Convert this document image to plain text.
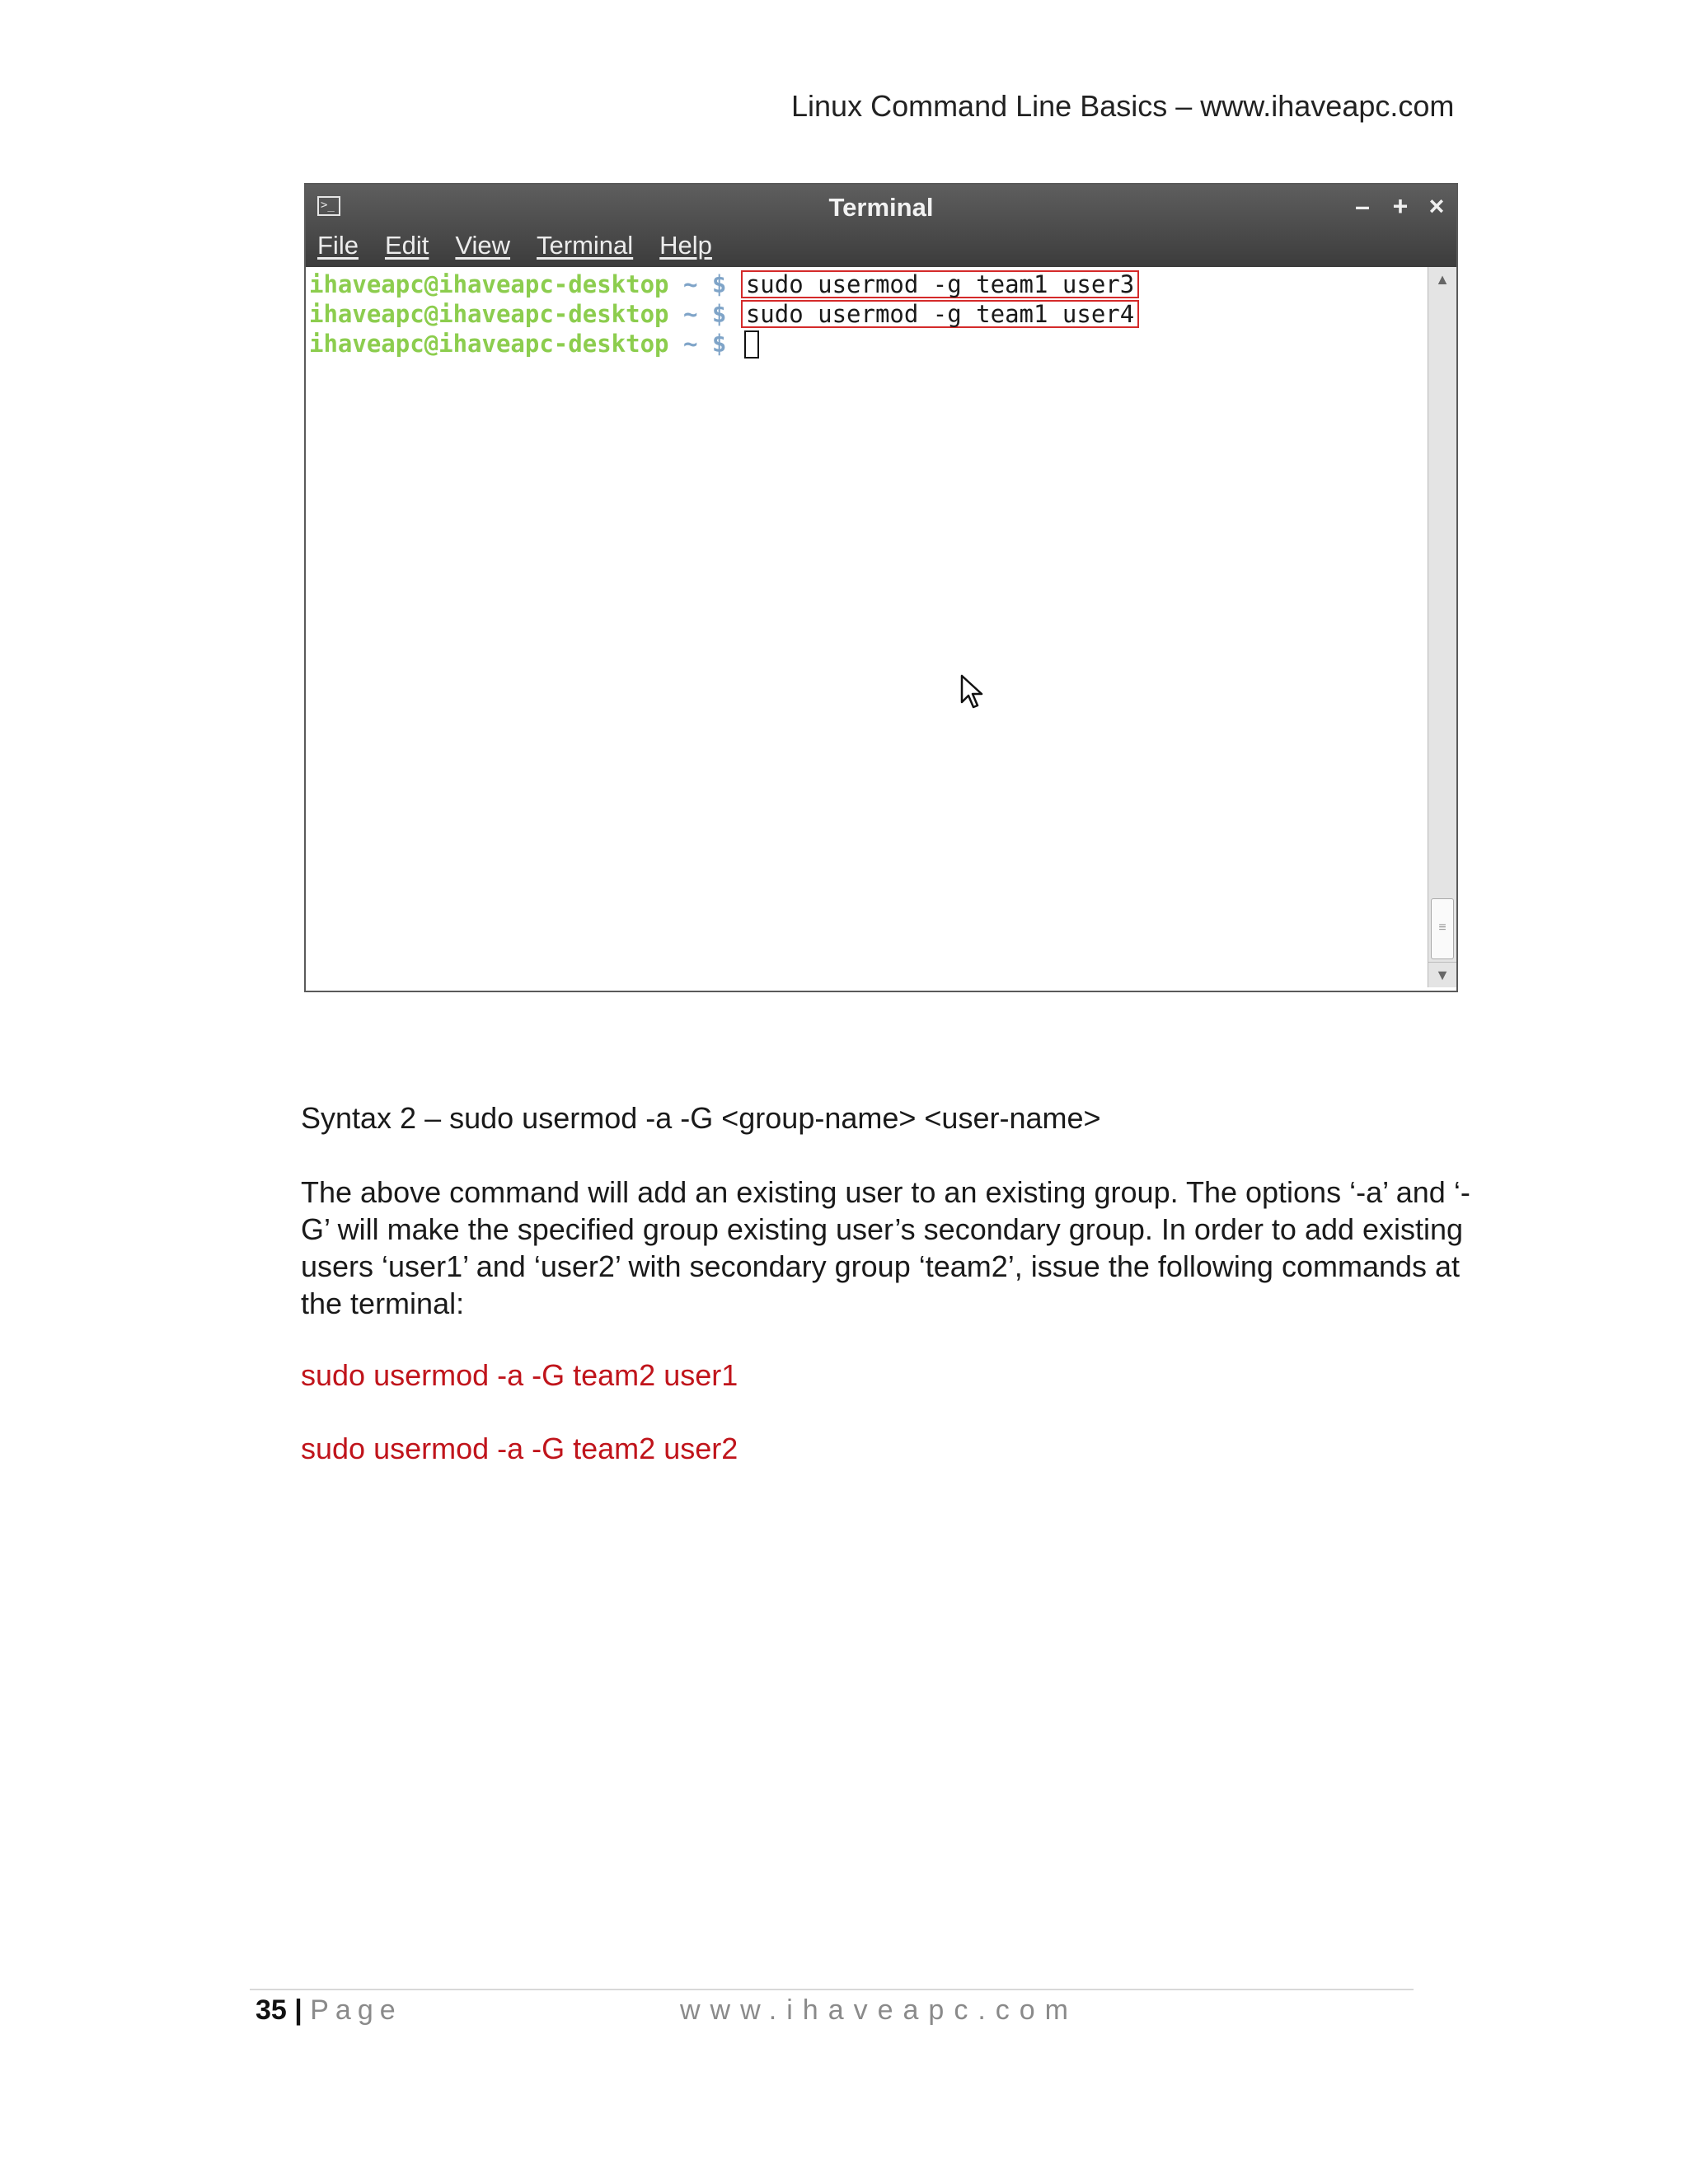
Linux Command Line Basics – www.ihaveapc.com
>_	Terminal	– + ×
File Edit View Terminal Help
ihaveapc@ihaveapc-desktop ~ $ sudo usermod -g team1 user3
ihaveapc@ihaveapc-desktop ~ $ sudo usermod -g team1 user4
ihaveapc@ihaveapc-desktop ~ $
▲
≡
▼
Syntax 2 – sudo usermod -a -G <group-name> <user-name>
The above command will add an existing user to an existing group. The options ‘-a’ and ‘-G’ will make the specified group existing user’s secondary group. In order to add existing users ‘user1’ and ‘user2’ with secondary group ‘team2’, issue the following commands at the terminal:
sudo usermod -a -G team2 user1
sudo usermod -a -G team2 user2
35 | Page	www.ihaveapc.com
